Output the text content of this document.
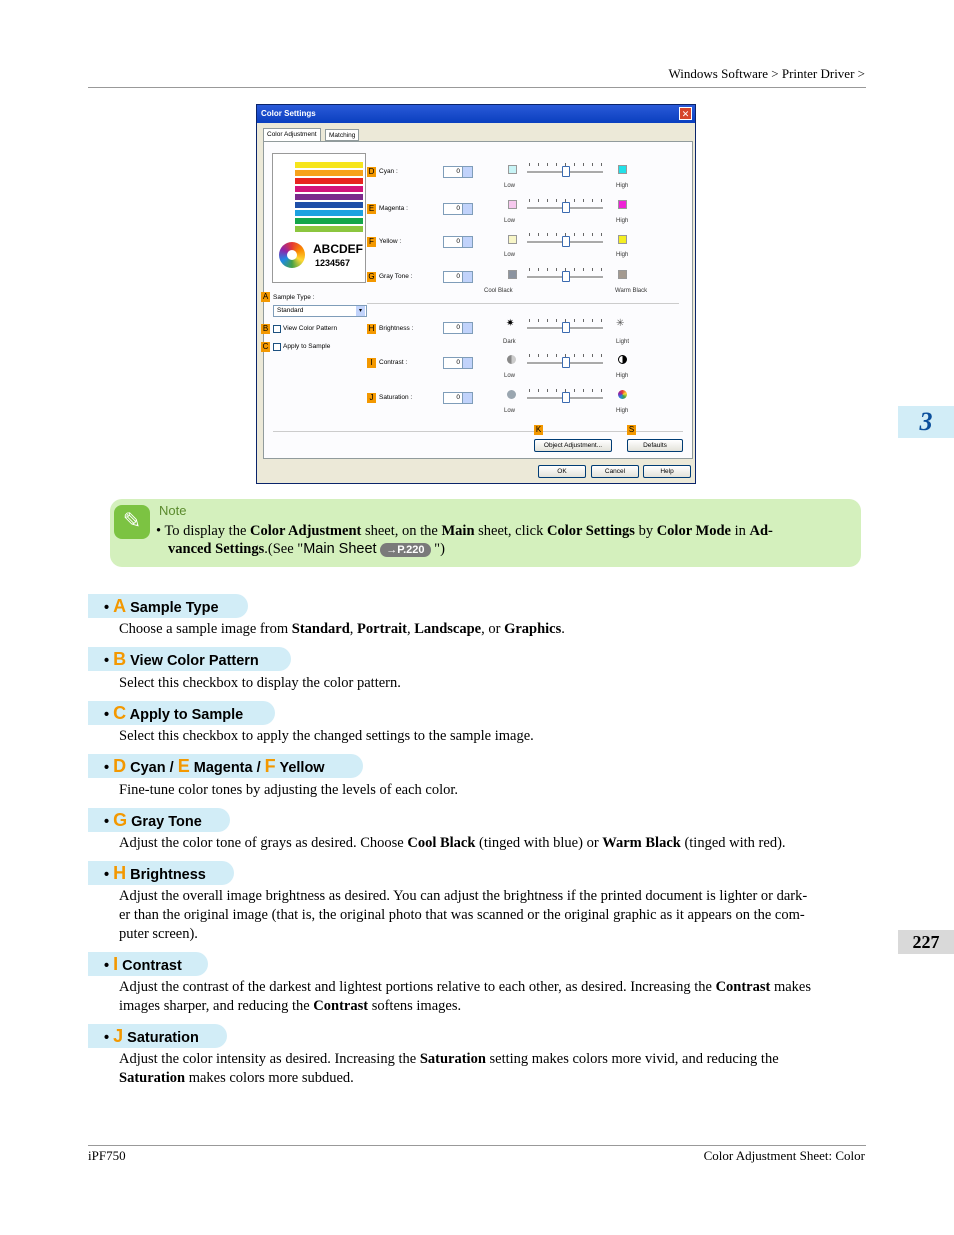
Windows Software > Printer Driver >
3
227
Color Settings	✕
Color Adjustment	Matching
ABCDEF
1234567
A Sample Type :
Standard	▾
B View Color Pattern
C Apply to Sample
D Cyan :	0
Low	High
E Magenta :	0
Low	High
F Yellow :	0
Low	High
G Gray Tone :	0
Cool Black	Warm Black
H Brightness :	0	✷
Dark
✳
Light
I Contrast :	0
Low	High
J Saturation :	0
Low	High
K
Object Adjustment...
S
Defaults
OK	Cancel	Help
✎	Note
• To display the Color Adjustment sheet, on the Main sheet, click Color Settings by Color Mode in Ad-
vanced Settings.(See "Main Sheet →P.220 ")
• A Sample Type
Choose a sample image from Standard, Portrait, Landscape, or Graphics.
• B View Color Pattern
Select this checkbox to display the color pattern.
• C Apply to Sample
Select this checkbox to apply the changed settings to the sample image.
• D Cyan / E Magenta / F Yellow
Fine-tune color tones by adjusting the levels of each color.
• G Gray Tone
Adjust the color tone of grays as desired. Choose Cool Black (tinged with blue) or Warm Black (tinged with red).
• H Brightness
Adjust the overall image brightness as desired. You can adjust the brightness if the printed document is lighter or dark-
er than the original image (that is, the original photo that was scanned or the original graphic as it appears on the com-
puter screen).
• I Contrast
Adjust the contrast of the darkest and lightest portions relative to each other, as desired. Increasing the Contrast makes
images sharper, and reducing the Contrast softens images.
• J Saturation
Adjust the color intensity as desired. Increasing the Saturation setting makes colors more vivid, and reducing the
Saturation makes colors more subdued.
iPF750	Color Adjustment Sheet: Color
